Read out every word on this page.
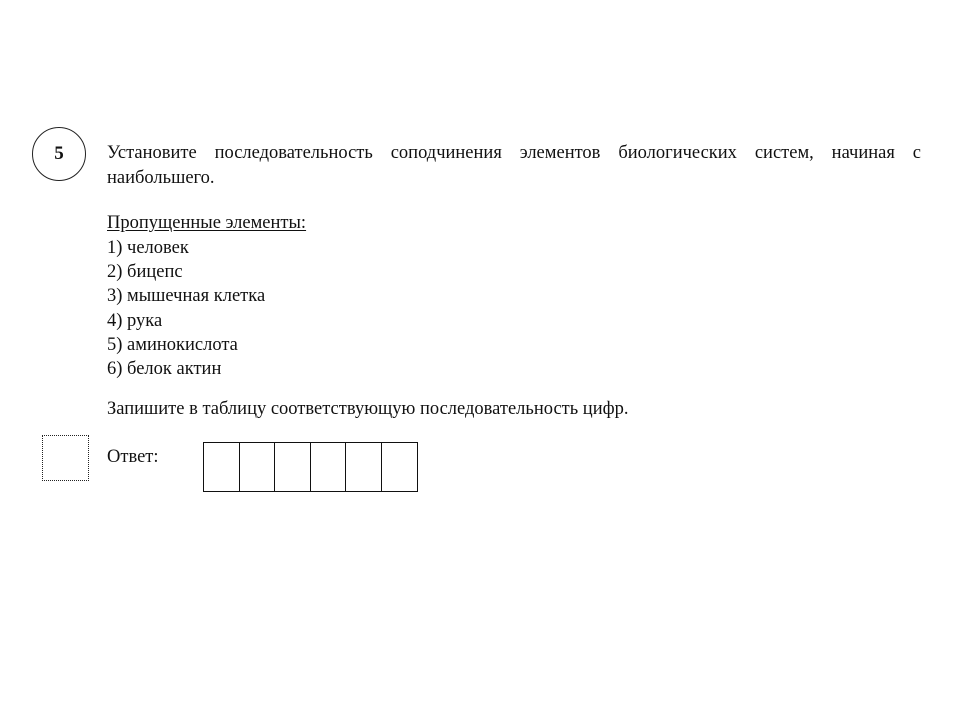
5 Установите последовательность соподчинения элементов биологических систем, начиная с наибольшего.
Пропущенные элементы:
1) человек
2) бицепс
3) мышечная клетка
4) рука
5) аминокислота
6) белок актин
Запишите в таблицу соответствующую последовательность цифр.
Ответ:
